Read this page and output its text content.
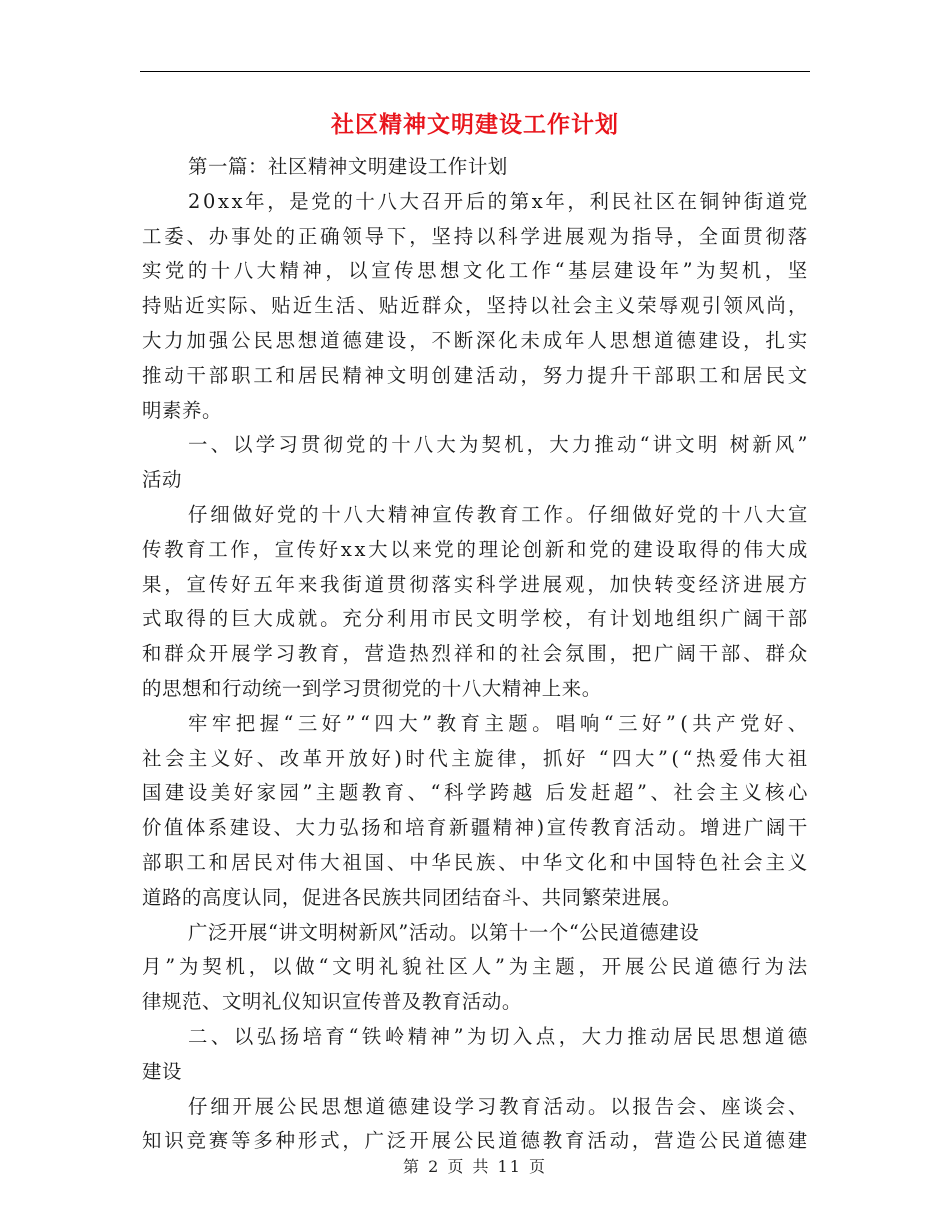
社区精神文明建设工作计划
第一篇：社区精神文明建设工作计划
2 0 x x 年 ， 是 党 的 十 八 大 召 开 后 的 第 x 年 ， 利 民 社 区 在 铜 钟 街 道 党
工 委 、 办 事 处 的 正 确 领 导 下 ， 坚 持 以 科 学 进 展 观 为 指 导 ， 全 面 贯 彻 落
实 党 的 十 八 大 精 神 ， 以 宣 传 思 想 文 化 工 作 “ 基 层 建 设 年 ” 为 契 机 ， 坚
持 贴 近 实 际 、 贴 近 生 活 、 贴 近 群 众 ， 坚 持 以 社 会 主 义 荣 辱 观 引 领 风 尚 ，
大 力 加 强 公 民 思 想 道 德 建 设 ， 不 断 深 化 未 成 年 人 思 想 道 德 建 设 ， 扎 实
推 动 干 部 职 工 和 居 民 精 神 文 明 创 建 活 动 ， 努 力 提 升 干 部 职 工 和 居 民 文
明素养。
一 、 以 学 习 贯 彻 党 的 十 八 大 为 契 机 ， 大 力 推 动 “ 讲 文 明
树 新 风 ”
活动
仔 细 做 好 党 的 十 八 大 精 神 宣 传 教 育 工 作 。 仔 细 做 好 党 的 十 八 大 宣
传 教 育 工 作 ， 宣 传 好 x x 大 以 来 党 的 理 论 创 新 和 党 的 建 设 取 得 的 伟 大 成
果 ， 宣 传 好 五 年 来 我 街 道 贯 彻 落 实 科 学 进 展 观 ， 加 快 转 变 经 济 进 展 方
式 取 得 的 巨 大 成 就 。 充 分 利 用 市 民 文 明 学 校 ， 有 计 划 地 组 织 广 阔 干 部
和 群 众 开 展 学 习 教 育 ， 营 造 热 烈 祥 和 的 社 会 氛 围 ， 把 广 阔 干 部 、 群 众
的思想和行动统一到学习贯彻党的十八大精神上来。
牢 牢 把 握 “ 三 好 ” “ 四 大 ” 教 育 主 题 。 唱 响 “ 三 好 ” ( 共 产 党 好 、
社 会 主 义 好 、 改 革 开 放 好 ) 时 代 主 旋 律 ， 抓 好
“ 四 大 ” ( “ 热 爱 伟 大 祖
国 建 设 美 好 家 园 ” 主 题 教 育 、 “ 科 学 跨 越
后 发 赶 超 ” 、 社 会 主 义 核 心
价 值 体 系 建 设 、 大 力 弘 扬 和 培 育 新 疆 精 神 ) 宣 传 教 育 活 动 。 增 进 广 阔 干
部 职 工 和 居 民 对 伟 大 祖 国 、 中 华 民 族 、 中 华 文 化 和 中 国 特 色 社 会 主 义
道路的高度认同，促进各民族共同团结奋斗、共同繁荣进展。
广泛开展“讲文明树新风”活动。以第十一个“公民道德建设
月 ” 为 契 机 ， 以 做 “ 文 明 礼 貌 社 区 人 ” 为 主 题 ， 开 展 公 民 道 德 行 为 法
律规范、文明礼仪知识宣传普及教育活动。
二 、 以 弘 扬 培 育 “ 铁 岭 精 神 ” 为 切 入 点 ， 大 力 推 动 居 民 思 想 道 德
建设
仔 细 开 展 公 民 思 想 道 德 建 设 学 习 教 育 活 动 。 以 报 告 会 、 座 谈 会 、
知 识 竞 赛 等 多 种 形 式 ， 广 泛 开 展 公 民 道 德 教 育 活 动 ， 营 造 公 民 道 德 建
第 2 页 共 11 页
